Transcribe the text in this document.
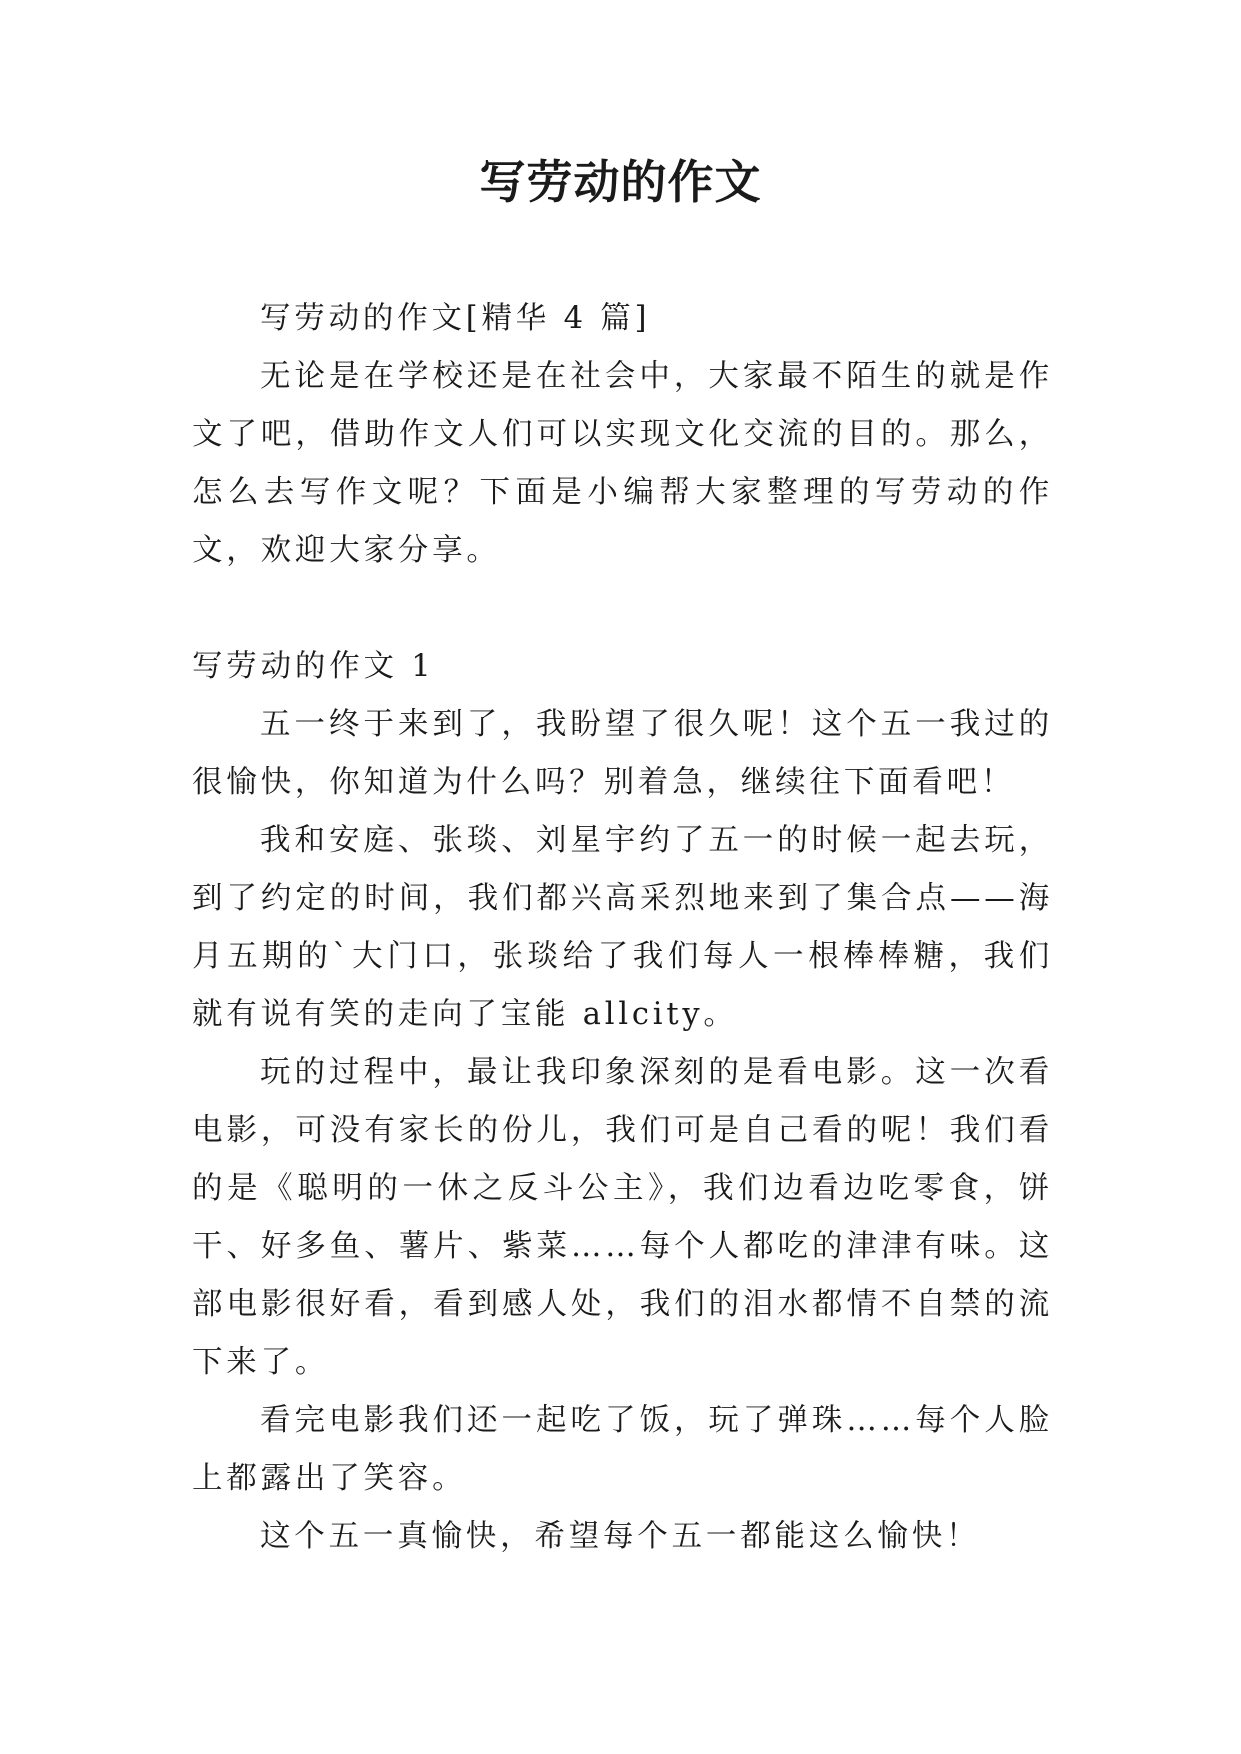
写劳动的作文

写劳动的作文[精华 4 篇]

无论是在学校还是在社会中，大家最不陌生的就是作文了吧，借助作文人们可以实现文化交流的目的。那么，怎么去写作文呢？下面是小编帮大家整理的写劳动的作文，欢迎大家分享。

写劳动的作文 1

五一终于来到了，我盼望了很久呢！这个五一我过的很愉快，你知道为什么吗？别着急，继续往下面看吧！

我和安庭、张琰、刘星宇约了五一的时候一起去玩，到了约定的时间，我们都兴高采烈地来到了集合点——海月五期的`大门口，张琰给了我们每人一根棒棒糖，我们就有说有笑的走向了宝能 allcity。

玩的过程中，最让我印象深刻的是看电影。这一次看电影，可没有家长的份儿，我们可是自己看的呢！我们看的是《聪明的一休之反斗公主》，我们边看边吃零食，饼干、好多鱼、薯片、紫菜……每个人都吃的津津有味。这部电影很好看，看到感人处，我们的泪水都情不自禁的流下来了。

看完电影我们还一起吃了饭，玩了弹珠……每个人脸上都露出了笑容。

这个五一真愉快，希望每个五一都能这么愉快！
